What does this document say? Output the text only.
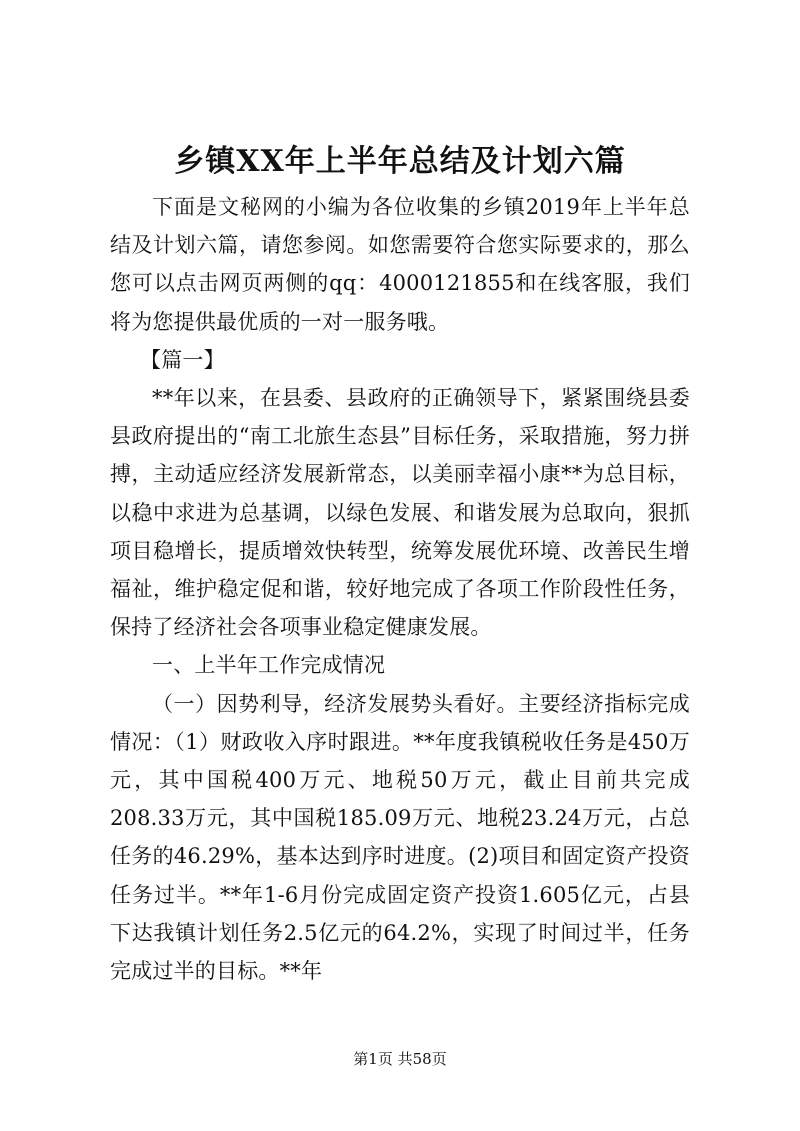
乡镇XX年上半年总结及计划六篇

下面是文秘网的小编为各位收集的乡镇2019年上半年总结及计划六篇，请您参阅。如您需要符合您实际要求的，那么您可以点击网页两侧的qq：4000121855和在线客服，我们将为您提供最优质的一对一服务哦。

【篇一】

**年以来，在县委、县政府的正确领导下，紧紧围绕县委县政府提出的“南工北旅生态县”目标任务，采取措施，努力拼搏，主动适应经济发展新常态，以美丽幸福小康**为总目标，以稳中求进为总基调，以绿色发展、和谐发展为总取向，狠抓项目稳增长，提质增效快转型，统筹发展优环境、改善民生增福祉，维护稳定促和谐，较好地完成了各项工作阶段性任务，保持了经济社会各项事业稳定健康发展。

一、上半年工作完成情况

（一）因势利导，经济发展势头看好。主要经济指标完成情况：（1）财政收入序时跟进。**年度我镇税收任务是450万元，其中国税400万元、地税50万元，截止目前共完成208.33万元，其中国税185.09万元、地税23.24万元，占总任务的46.29%，基本达到序时进度。(2)项目和固定资产投资任务过半。**年1-6月份完成固定资产投资1.605亿元，占县下达我镇计划任务2.5亿元的64.2%，实现了时间过半，任务完成过半的目标。**年

第1页 共58页
